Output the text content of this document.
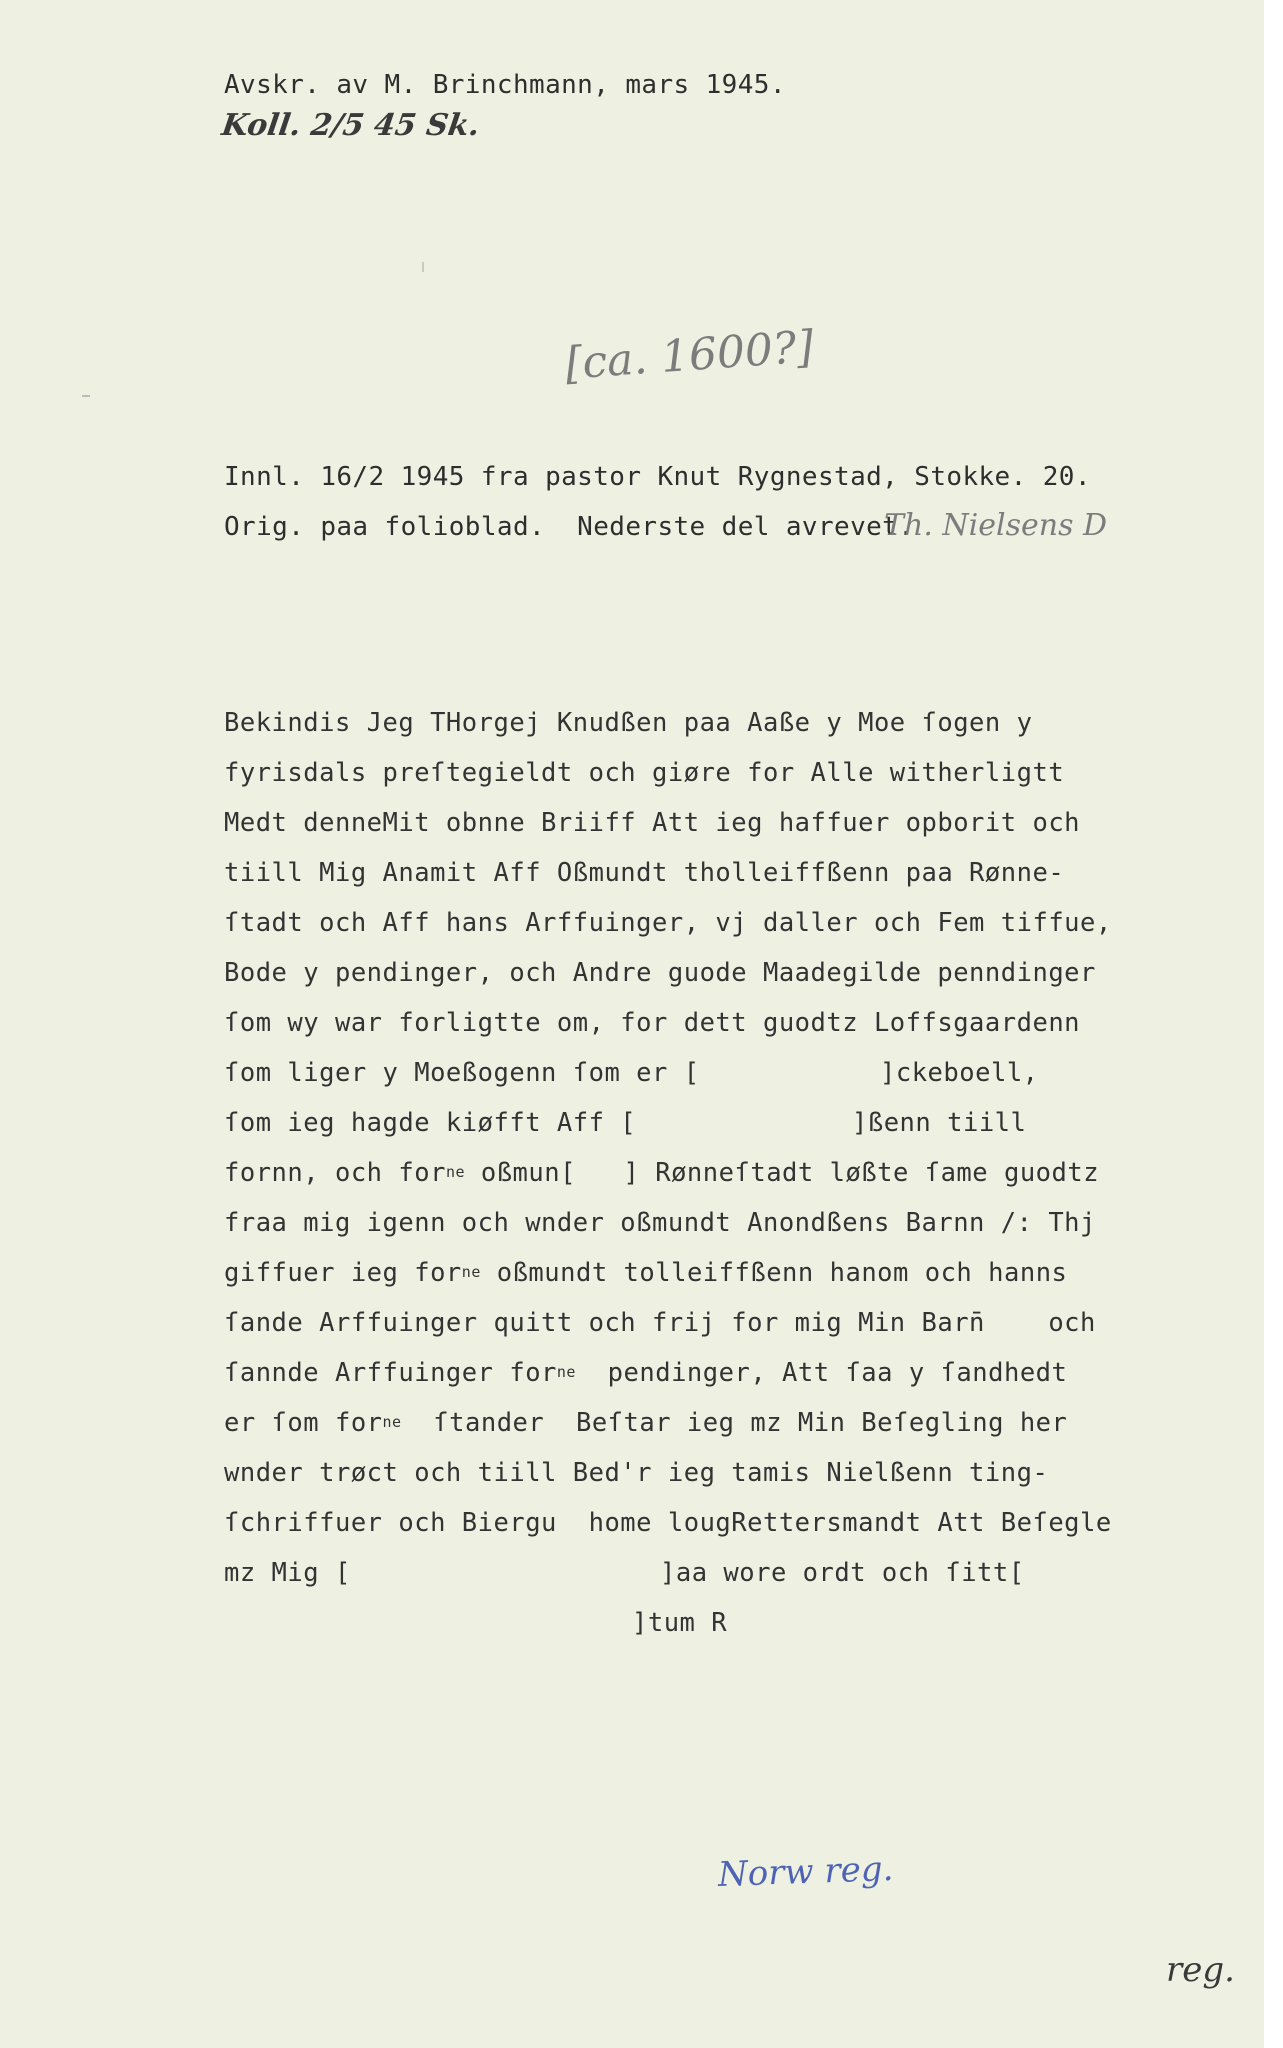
Avskr. av M. Brinchmann, mars 1945.
Koll. 2/5 45 Sk.
[ca. 1600?]
Innl. 16/2 1945 fra pastor Knut Rygnestad, Stokke. 20.
Orig. paa folioblad.  Nederste del avrevet.
Th. Nielsens D
Bekindis Jeg THorgej Knudßen paa Aaße y Moe ſogen y
fyrisdals preſtegieldt och giøre for Alle witherligtt
Medt denneMit obnne Briiff Att ieg haffuer opborit och
tiill Mig Anamit Aff Oßmundt tholleiffßenn paa Rønne-
ſtadt och Aff hans Arffuinger, vj daller och Fem tiffue,
Bode y pendinger, och Andre guode Maadegilde penndinger
ſom wy war forligtte om, for dett guodtz Loffsgaardenn
ſom liger y Moeßogenn ſom er [	]ckeboell,
ſom ieg hagde kiøfft Aff [	]ßenn tiill
fornn, och for$^{ne}$ oßmun[   ] Rønneſtadt løßte ſame guodtz
fraa mig igenn och wnder oßmundt Anondßens Barnn /: Thj
giffuer ieg for$^{ne}$ oßmundt tolleiffßenn hanom och hanns
ſande Arffuinger quitt och frij for mig Min Barn̄    och
ſannde Arffuinger for$^{ne}$  pendinger, Att ſaa y ſandhedt
er ſom for$^{ne}$  ſtander  Beſtar ieg mz Min Beſegling her
wnder trøct och tiill Bed'r ieg tamis Nielßenn ting-
ſchriffuer och Biergu  home lougRettersmandt Att Beſegle
mz Mig [	]aa wore ordt och ſitt[
]tum R
Norw reg.
reg.
